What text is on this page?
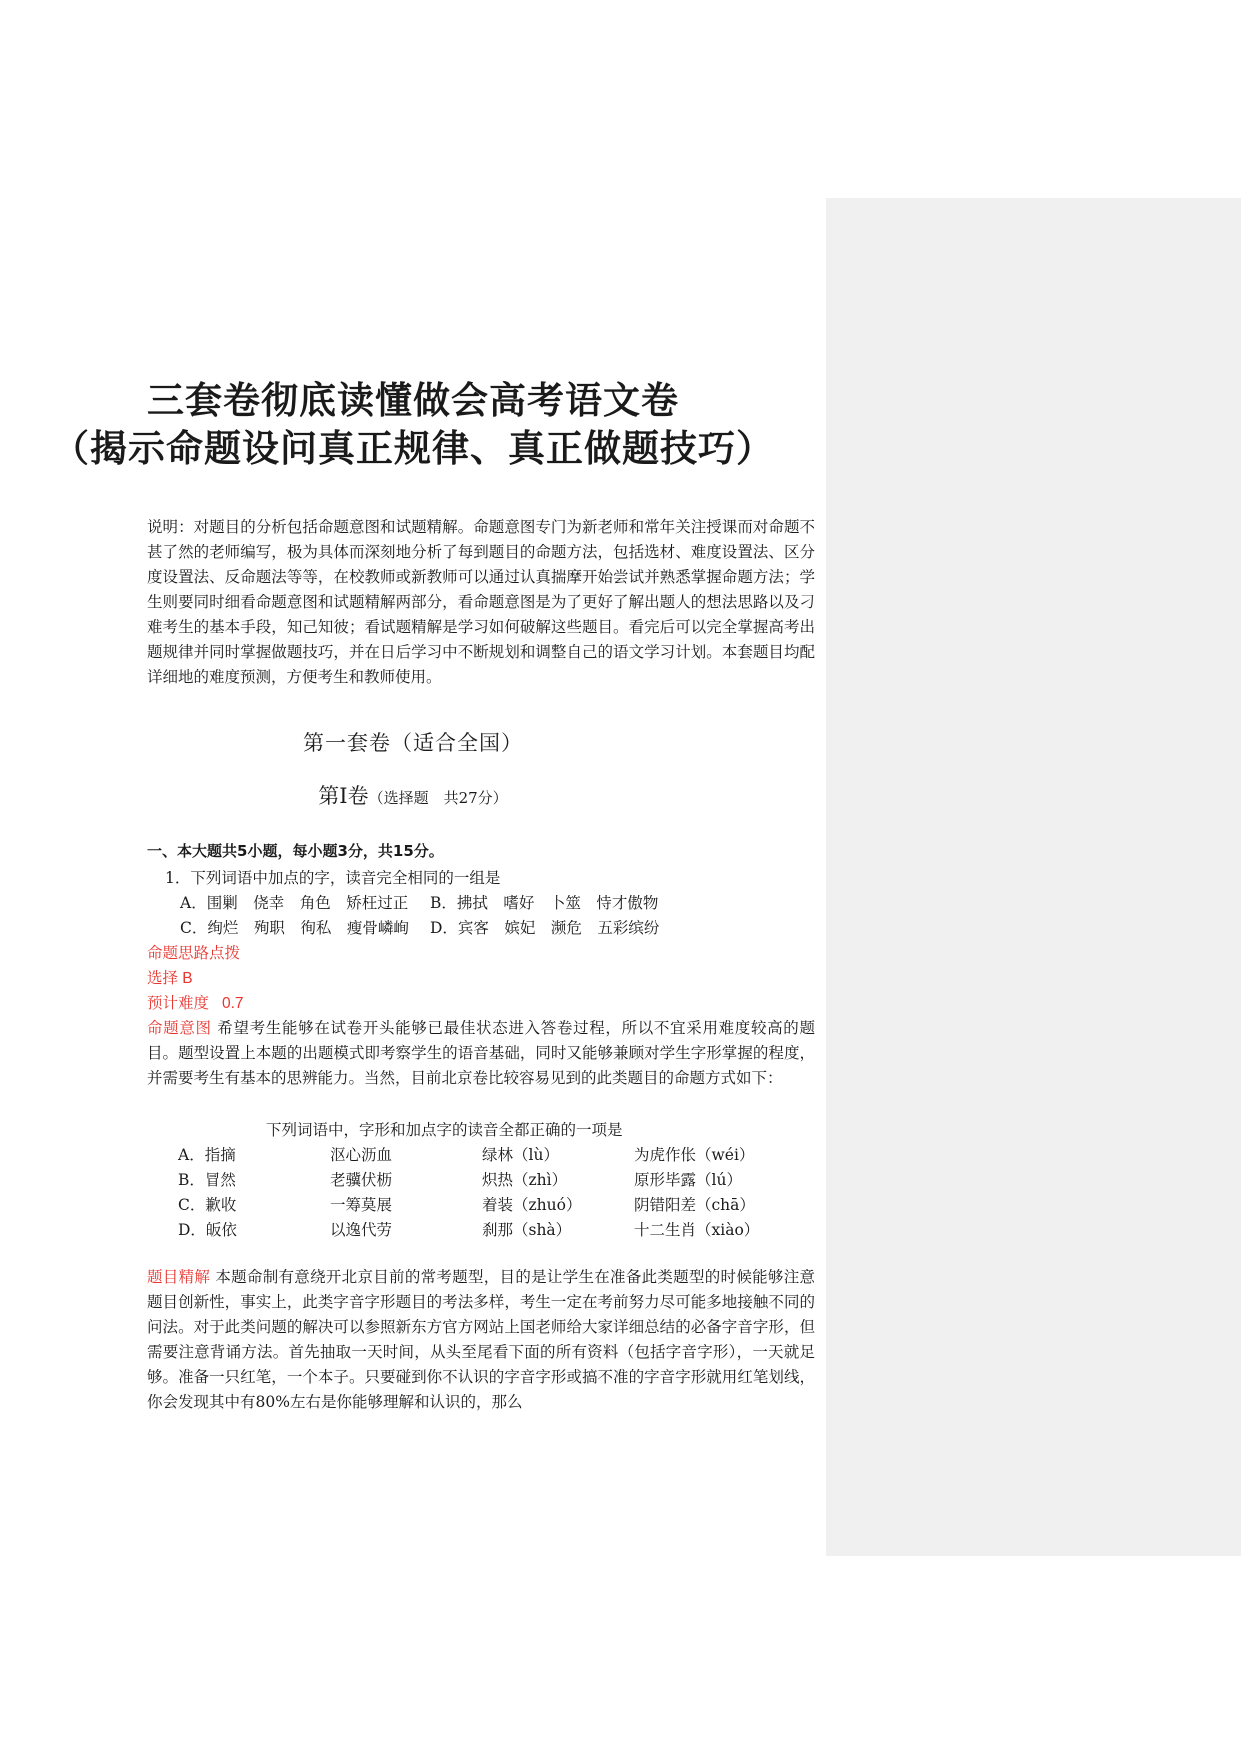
三套卷彻底读懂做会高考语文卷
（揭示命题设问真正规律、真正做题技巧）
说明：对题目的分析包括命题意图和试题精解。命题意图专门为新老师和常年关注授课而对命题不甚了然的老师编写，极为具体而深刻地分析了每到题目的命题方法，包括选材、难度设置法、区分度设置法、反命题法等等，在校教师或新教师可以通过认真揣摩开始尝试并熟悉掌握命题方法；学生则要同时细看命题意图和试题精解两部分，看命题意图是为了更好了解出题人的想法思路以及刁难考生的基本手段，知己知彼；看试题精解是学习如何破解这些题目。看完后可以完全掌握高考出题规律并同时掌握做题技巧，并在日后学习中不断规划和调整自己的语文学习计划。本套题目均配详细地的难度预测，方便考生和教师使用。
第一套卷（适合全国）
第Ⅰ卷（选择题　共27分）
一、本大题共5小题，每小题3分，共15分。
1．下列词语中加点的字，读音完全相同的一组是
A．围剿　侥幸　角色　矫枉过正 B．拂拭　嗜好　卜筮　恃才傲物
C．绚烂　殉职　徇私　瘦骨嶙峋 D．宾客　嫔妃　濒危　五彩缤纷
命题思路点拨
选择 B
预计难度 0.7
命题意图 希望考生能够在试卷开头能够已最佳状态进入答卷过程，所以不宜采用难度较高的题目。题型设置上本题的出题模式即考察学生的语音基础，同时又能够兼顾对学生字形掌握的程度，并需要考生有基本的思辨能力。当然，目前北京卷比较容易见到的此类题目的命题方式如下：
下列词语中，字形和加点字的读音全都正确的一项是
A．指摘	沤心沥血	绿林（lù）	为虎作伥（wéi）
B．冒然	老骥伏枥	炽热（zhì）	原形毕露（lú）
C．歉收	一筹莫展	着装（zhuó）	阴错阳差（chā）
D．皈依	以逸代劳	刹那（shà）	十二生肖（xiào）
题目精解 本题命制有意绕开北京目前的常考题型，目的是让学生在准备此类题型的时候能够注意题目创新性，事实上，此类字音字形题目的考法多样，考生一定在考前努力尽可能多地接触不同的问法。对于此类问题的解决可以参照新东方官方网站上国老师给大家详细总结的必备字音字形，但需要注意背诵方法。首先抽取一天时间，从头至尾看下面的所有资料（包括字音字形），一天就足够。准备一只红笔，一个本子。只要碰到你不认识的字音字形或搞不准的字音字形就用红笔划线，你会发现其中有80%左右是你能够理解和认识的，那么
